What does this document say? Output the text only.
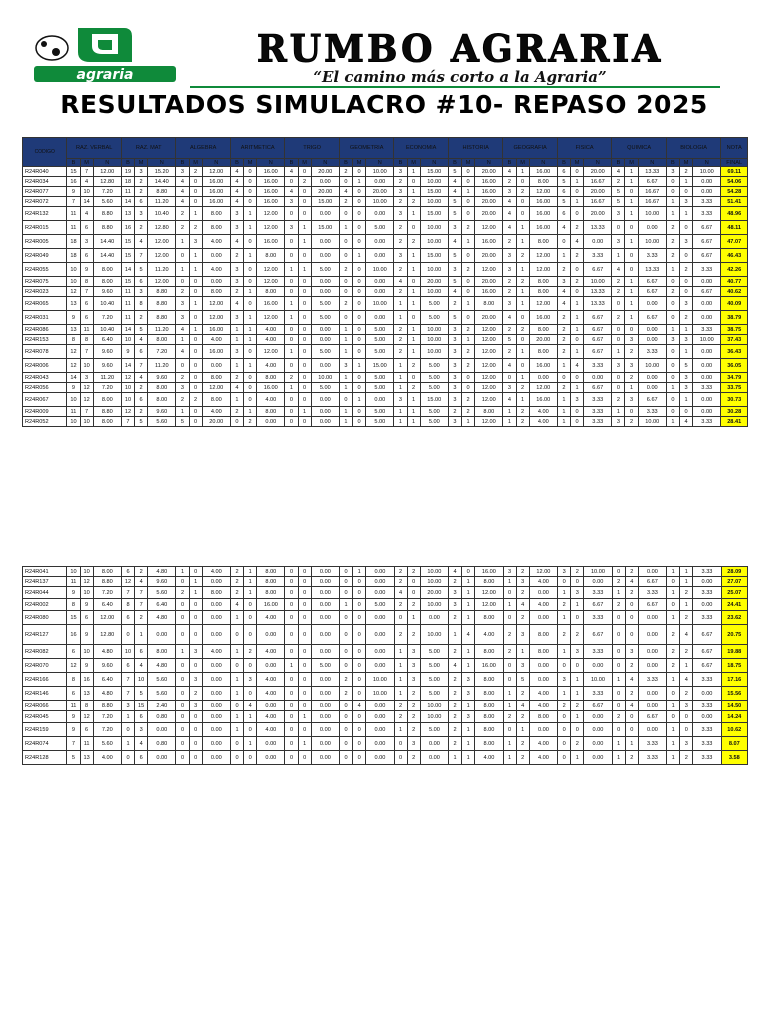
agraria
RUMBO AGRARIA
“El camino más corto a la Agraria”
RESULTADOS SIMULACRO #10- REPASO 2025
CODIGO	RAZ. VERBAL			RAZ. MAT			ALGEBRA			ARITMETICA			TRIGO			GEOMETRIA			ECONOMIA			HISTORIA			GEOGRAFIA			FISICA			QUIMICA			BIOLOGIA			NOTA
	B	M	N	B	M	N	B	M	N	B	M	N	B	M	N	B	M	N	B	M	N	B	M	N	B	M	N	B	M	N	B	M	N	B	M	N	FINAL
R24R040	15	7	12.00	19	3	15.20	3	2	12.00	4	0	16.00	4	0	20.00	2	0	10.00	3	1	15.00	5	0	20.00	4	1	16.00	6	0	20.00	4	1	13.33	3	2	10.00	69.11
R24R034	16	4	12.80	18	2	14.40	4	0	16.00	4	0	16.00	0	2	0.00	0	1	0.00	2	0	10.00	4	0	16.00	2	0	8.00	5	1	16.67	2	1	6.67	0	1	0.00	54.06
R24R077	9	10	7.20	11	2	8.80	4	0	16.00	4	0	16.00	4	0	20.00	4	0	20.00	3	1	15.00	4	1	16.00	3	2	12.00	6	0	20.00	5	0	16.67	0	0	0.00	54.28
R24R072	7	14	5.60	14	6	11.20	4	0	16.00	4	0	16.00	3	0	15.00	2	0	10.00	2	2	10.00	5	0	20.00	4	0	16.00	5	1	16.67	5	1	16.67	1	3	3.33	51.41
R24R132	11	4	8.80	13	3	10.40	2	1	8.00	3	1	12.00	0	0	0.00	0	0	0.00	3	1	15.00	5	0	20.00	4	0	16.00	6	0	20.00	3	1	10.00	1	1	3.33	48.96
R24R015	11	6	8.80	16	2	12.80	2	2	8.00	3	1	12.00	3	1	15.00	1	0	5.00	2	0	10.00	3	2	12.00	4	1	16.00	4	2	13.33	0	0	0.00	2	0	6.67	48.11
R24R005	18	3	14.40	15	4	12.00	1	3	4.00	4	0	16.00	0	1	0.00	0	0	0.00	2	2	10.00	4	1	16.00	2	1	8.00	0	4	0.00	3	1	10.00	2	3	6.67	47.07
R24R049	18	6	14.40	15	7	12.00	0	1	0.00	2	1	8.00	0	0	0.00	0	1	0.00	3	1	15.00	5	0	20.00	3	2	12.00	1	2	3.33	1	0	3.33	2	0	6.67	46.43
R24R055	10	9	8.00	14	5	11.20	1	1	4.00	3	0	12.00	1	1	5.00	2	0	10.00	2	1	10.00	3	2	12.00	3	1	12.00	2	0	6.67	4	0	13.33	1	2	3.33	42.26
R24R075	10	8	8.00	15	6	12.00	0	0	0.00	3	0	12.00	0	0	0.00	0	0	0.00	4	0	20.00	5	0	20.00	2	2	8.00	3	2	10.00	2	1	6.67	0	0	0.00	40.77
R24R023	12	7	9.60	11	3	8.80	2	0	8.00	2	1	8.00	0	0	0.00	0	0	0.00	2	1	10.00	4	0	16.00	2	1	8.00	4	0	13.33	2	1	6.67	2	0	6.67	40.62
R24R065	13	6	10.40	11	8	8.80	3	1	12.00	4	0	16.00	1	0	5.00	2	0	10.00	1	1	5.00	2	1	8.00	3	1	12.00	4	1	13.33	0	1	0.00	0	3	0.00	40.09
R24R031	9	6	7.20	11	2	8.80	3	0	12.00	3	1	12.00	1	0	5.00	0	0	0.00	1	0	5.00	5	0	20.00	4	0	16.00	2	1	6.67	2	1	6.67	0	2	0.00	38.79
R24R086	13	11	10.40	14	5	11.20	4	1	16.00	1	1	4.00	0	0	0.00	1	0	5.00	2	1	10.00	3	2	12.00	2	2	8.00	2	1	6.67	0	0	0.00	1	1	3.33	38.75
R24R153	8	8	6.40	10	4	8.00	1	0	4.00	1	1	4.00	0	0	0.00	1	0	5.00	2	1	10.00	3	1	12.00	5	0	20.00	2	0	6.67	0	3	0.00	3	3	10.00	37.43
R24R078	12	7	9.60	9	6	7.20	4	0	16.00	3	0	12.00	1	0	5.00	1	0	5.00	2	1	10.00	3	2	12.00	2	1	8.00	2	1	6.67	1	2	3.33	0	1	0.00	36.43
R24R006	12	10	9.60	14	7	11.20	0	0	0.00	1	1	4.00	0	0	0.00	3	1	15.00	1	2	5.00	3	2	12.00	4	0	16.00	1	4	3.33	3	3	10.00	0	5	0.00	36.05
R24R043	14	3	11.20	12	4	9.60	2	0	8.00	2	0	8.00	2	0	10.00	1	0	5.00	1	0	5.00	3	0	12.00	0	1	0.00	0	0	0.00	0	2	0.00	0	3	0.00	34.79
R24R056	9	12	7.20	10	2	8.00	3	0	12.00	4	0	16.00	1	0	5.00	1	0	5.00	1	2	5.00	3	0	12.00	3	2	12.00	2	1	6.67	0	1	0.00	1	3	3.33	33.75
R24R067	10	12	8.00	10	6	8.00	2	2	8.00	1	0	4.00	0	0	0.00	0	1	0.00	3	1	15.00	3	2	12.00	4	1	16.00	1	3	3.33	2	3	6.67	0	1	0.00	30.73
R24R009	11	7	8.80	12	2	9.60	1	0	4.00	2	1	8.00	0	1	0.00	1	0	5.00	1	1	5.00	2	2	8.00	1	2	4.00	1	0	3.33	1	0	3.33	0	0	0.00	30.28
R24R052	10	10	8.00	7	5	5.60	5	0	20.00	0	2	0.00	0	0	0.00	1	0	5.00	1	1	5.00	3	1	12.00	1	2	4.00	1	0	3.33	3	2	10.00	1	4	3.33	28.41
R24R041	10	10	8.00	6	2	4.80	1	0	4.00	2	1	8.00	0	0	0.00	0	1	0.00	2	2	10.00	4	0	16.00	3	2	12.00	3	2	10.00	0	2	0.00	1	1	3.33	28.09
R24R137	11	12	8.80	12	4	9.60	0	1	0.00	2	1	8.00	0	0	0.00	0	0	0.00	2	0	10.00	2	1	8.00	1	3	4.00	0	0	0.00	2	4	6.67	0	1	0.00	27.07
R24R044	9	10	7.20	7	7	5.60	2	1	8.00	2	1	8.00	0	0	0.00	0	0	0.00	4	0	20.00	3	1	12.00	0	2	0.00	1	3	3.33	1	2	3.33	1	2	3.33	25.07
R24R002	8	9	6.40	8	7	6.40	0	0	0.00	4	0	16.00	0	0	0.00	1	0	5.00	2	2	10.00	3	1	12.00	1	4	4.00	2	1	6.67	2	0	6.67	0	1	0.00	24.41
R24R080	15	6	12.00	6	2	4.80	0	0	0.00	1	0	4.00	0	0	0.00	0	0	0.00	0	1	0.00	2	1	8.00	0	2	0.00	1	0	3.33	0	0	0.00	1	2	3.33	23.62
R24R127	16	9	12.80	0	1	0.00	0	0	0.00	0	0	0.00	0	0	0.00	0	0	0.00	2	2	10.00	1	4	4.00	2	3	8.00	2	2	6.67	0	0	0.00	2	4	6.67	20.75
R24R082	6	10	4.80	10	6	8.00	1	3	4.00	1	2	4.00	0	0	0.00	0	0	0.00	1	3	5.00	2	1	8.00	2	1	8.00	1	3	3.33	0	3	0.00	2	2	6.67	19.88
R24R070	12	9	9.60	6	4	4.80	0	0	0.00	0	0	0.00	1	0	5.00	0	0	0.00	1	3	5.00	4	1	16.00	0	3	0.00	0	0	0.00	0	2	0.00	2	1	6.67	18.75
R24R166	8	16	6.40	7	10	5.60	0	3	0.00	1	3	4.00	0	0	0.00	2	0	10.00	1	3	5.00	2	3	8.00	0	5	0.00	3	1	10.00	1	4	3.33	1	4	3.33	17.16
R24R146	6	13	4.80	7	5	5.60	0	2	0.00	1	0	4.00	0	0	0.00	2	0	10.00	1	2	5.00	2	3	8.00	1	2	4.00	1	1	3.33	0	2	0.00	0	2	0.00	15.56
R24R066	11	8	8.80	3	15	2.40	0	3	0.00	0	4	0.00	0	0	0.00	0	4	0.00	2	2	10.00	2	1	8.00	1	4	4.00	2	2	6.67	0	4	0.00	1	3	3.33	14.50
R24R045	9	12	7.20	1	6	0.80	0	0	0.00	1	1	4.00	0	1	0.00	0	0	0.00	2	2	10.00	2	3	8.00	2	2	8.00	0	1	0.00	2	0	6.67	0	0	0.00	14.24
R24R159	9	6	7.20	0	3	0.00	0	0	0.00	1	0	4.00	0	0	0.00	0	0	0.00	1	2	5.00	2	1	8.00	0	1	0.00	0	0	0.00	0	0	0.00	1	0	3.33	10.62
R24R074	7	11	5.60	1	4	0.80	0	0	0.00	0	1	0.00	0	1	0.00	0	0	0.00	0	3	0.00	2	1	8.00	1	2	4.00	0	2	0.00	1	1	3.33	1	3	3.33	8.07
R24R128	5	13	4.00	0	6	0.00	0	0	0.00	0	0	0.00	0	0	0.00	0	0	0.00	0	2	0.00	1	1	4.00	1	2	4.00	0	1	0.00	1	2	3.33	1	2	3.33	3.58
